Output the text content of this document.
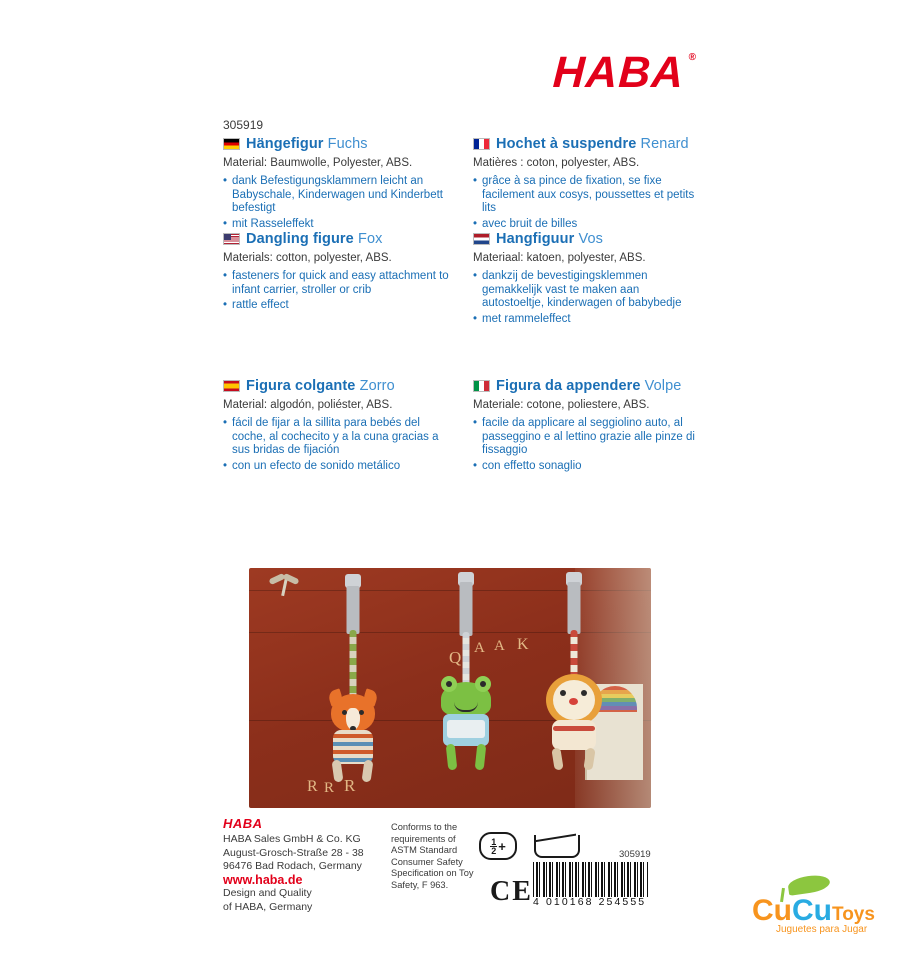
HABA ®
305919
Hängefigur Fuchs
Material: Baumwolle, Polyester, ABS.
• dank Befestigungsklammern leicht an Babyschale, Kinderwagen und Kinderbett befestigt
• mit Rasseleffekt
Hochet à suspendre Renard
Matières : coton, polyester, ABS.
• grâce à sa pince de fixation, se fixe facilement aux cosys, poussettes et petits lits
• avec bruit de billes
Dangling figure Fox
Materials: cotton, polyester, ABS.
• fasteners for quick and easy attachment to infant carrier, stroller or crib
• rattle effect
Hangfiguur Vos
Materiaal: katoen, polyester, ABS.
• dankzij de bevestigingsklemmen gemakkelijk vast te maken aan autostoeltje, kinderwagen of babybedje
• met rammeleffect
Figura colgante Zorro
Material: algodón, poliéster, ABS.
• fácil de fijar a la sillita para bebés del coche, al cochecito y a la cuna gracias a sus bridas de fijación
• con un efecto de sonido metálico
Figura da appendere Volpe
Materiale: cotone, poliestere, ABS.
• facile da applicare al seggiolino auto, al passeggino e al lettino grazie alle pinze di fissaggio
• con effetto sonaglio
Q A A K
R R R
HABA
HABA Sales GmbH & Co. KG
August-Grosch-Straße 28 - 38
96476 Bad Rodach, Germany
www.haba.de
Design and Quality
of HABA, Germany
Conforms to the requirements of ASTM Standard Consumer Safety Specification on Toy Safety, F 963.
$\frac{1}{2}$ +
CE
305919
4 010168 254555	CuCuToys
Juguetes para Jugar
